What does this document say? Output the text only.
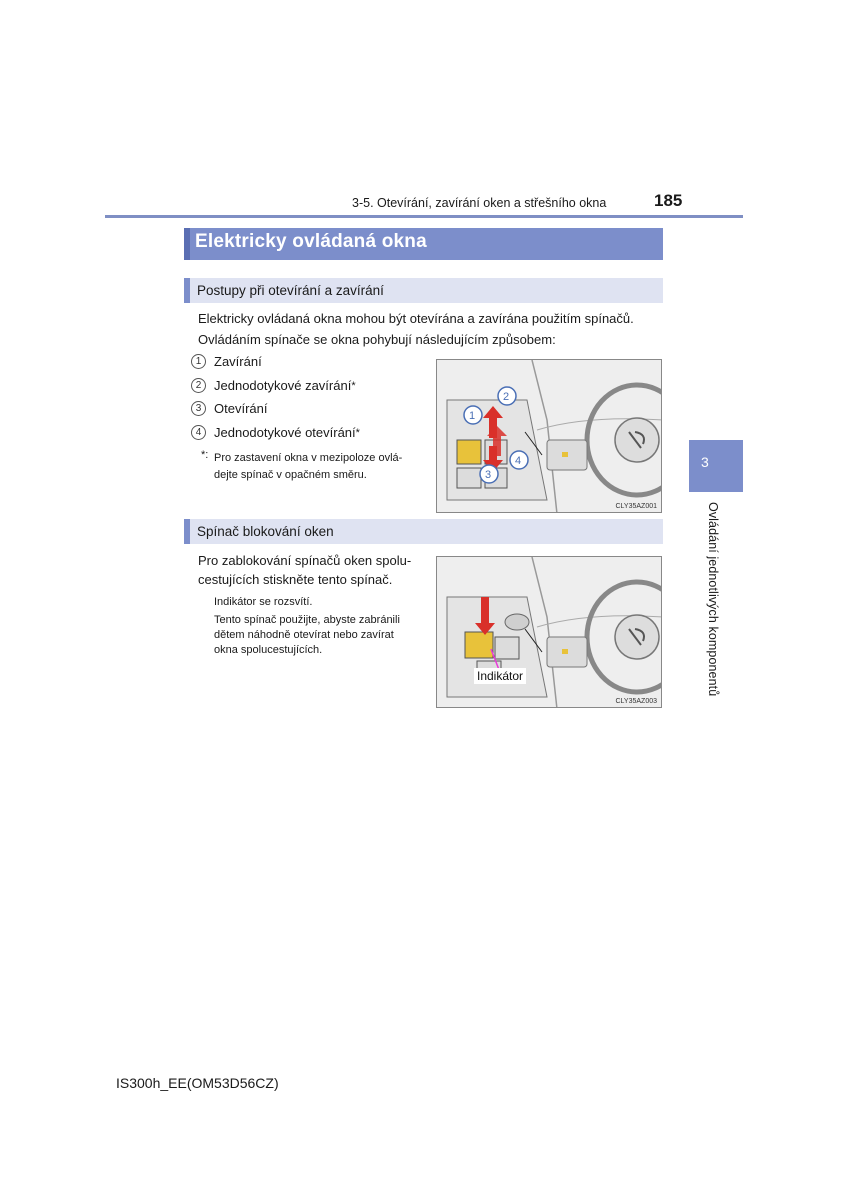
3-5. Otevírání, zavírání oken a střešního okna	185
Elektricky ovládaná okna
Postupy při otevírání a zavírání
Elektricky ovládaná okna mohou být otevírána a zavírána použitím spínačů.
Ovládáním spínače se okna pohybují následujícím způsobem:
1 Zavírání
2 Jednodotykové zavírání *
3 Otevírání
4 Jednodotykové otevírání *
*: Pro zastavení okna v mezipoloze ovlá-
dejte spínač v opačném směru.
2
1
3
4
CLY35AZ001
Spínač blokování oken
Pro zablokování spínačů oken spolu-
cestujících stiskněte tento spínač.
Indikátor se rozsvítí.
Tento spínač použijte, abyste zabránili
dětem náhodně otevírat nebo zavírat
okna spolucestujících.
CLY35AZ003
Indikátor
3
Ovládání jednotlivých komponentů
IS300h_EE(OM53D56CZ)
